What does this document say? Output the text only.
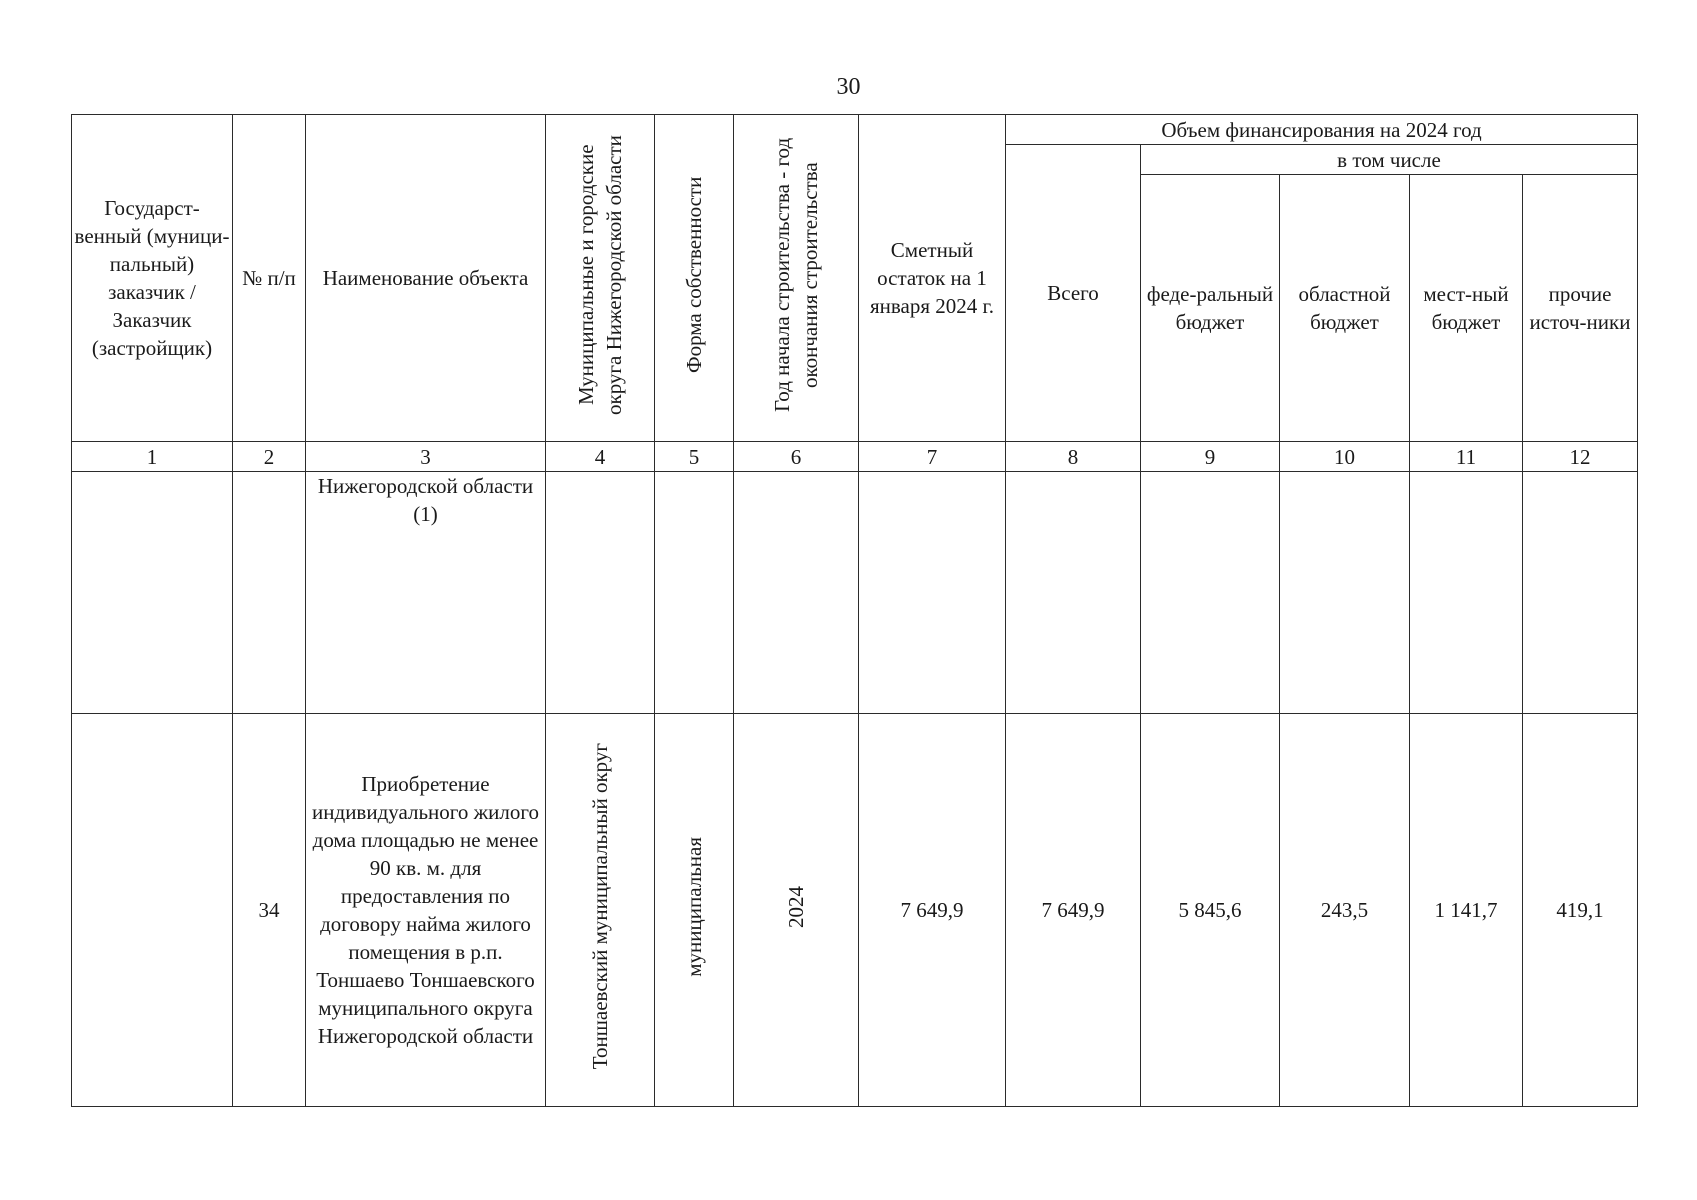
30
Государст-венный (муници-пальный) заказчик / Заказчик (застройщик)	№ п/п	Наименование объекта	Муниципальные и городские округа Нижегородской области	Форма собственности	Год начала строительства - год окончания строительства	Сметный остаток на 1 января 2024 г.	Объем финансирования на 2024 год				
							Всего	в том числе			
								феде-ральный бюджет	областной бюджет	мест-ный бюджет	прочие источ-ники
1	2	3	4	5	6	7	8	9	10	11	12
		Нижегородской области (1)									
	34	Приобретение индивидуального жилого дома площадью не менее 90 кв. м. для предоставления по договору найма жилого помещения в р.п. Тоншаево Тоншаевского муниципального округа Нижегородской области	Тоншаевский муниципальный округ	муниципальная	2024	7 649,9	7 649,9	5 845,6	243,5	1 141,7	419,1
